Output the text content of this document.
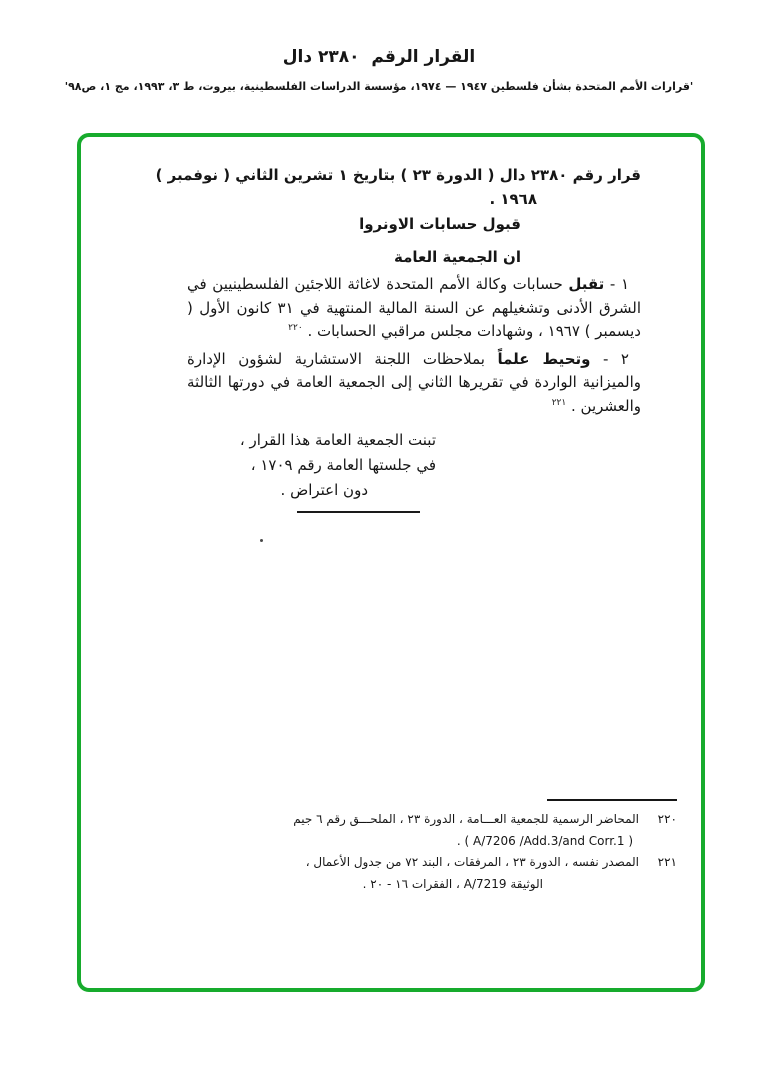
القرار الرقم  ٢٣٨٠ دال
'قرارات الأمم المتحدة بشأن فلسطين ١٩٤٧ — ١٩٧٤، مؤسسة الدراسات الفلسطينية، بيروت، ط ٣، ١٩٩٣، مج ١، ص٩٨'
قرار رقم ٢٣٨٠ دال ( الدورة ٢٣ ) بتاريخ ١ تشرين الثاني ( نوفمبر )
١٩٦٨ .
قبول حسابات الاونروا
ان الجمعية العامة

١ - تقبل حسابات وكالة الأمم المتحدة لاغاثة اللاجئين الفلسطينيين في الشرق الأدنى وتشغيلهم عن السنة المالية المنتهية في ٣١ كانون الأول ( ديسمبر ) ١٩٦٧ ، وشهادات مجلس مراقبي الحسابات . $^{٢٢٠}$

٢ - وتحيط علماً بملاحظات اللجنة الاستشارية لشؤون الإدارة والميزانية الواردة في تقريرها الثاني إلى الجمعية العامة في دورتها الثالثة والعشرين . $^{٢٢١}$

تبنت الجمعية العامة هذا القرار ،
في جلستها العامة رقم ١٧٠٩ ،
دون اعتراض .
٢٢٠
المحاضر الرسمية للجمعية العـــامة ، الدورة ٢٣ ، الملحـــق رقم ٦ جيم
. ( A/7206 /Add.3/and Corr.1 )
٢٢١
المصدر نفسه ، الدورة ٢٣ ، المرفقات ، البند ٧٢ من جدول الأعمال ،
الوثيقة A/7219 ، الفقرات ١٦ - ٢٠ .
